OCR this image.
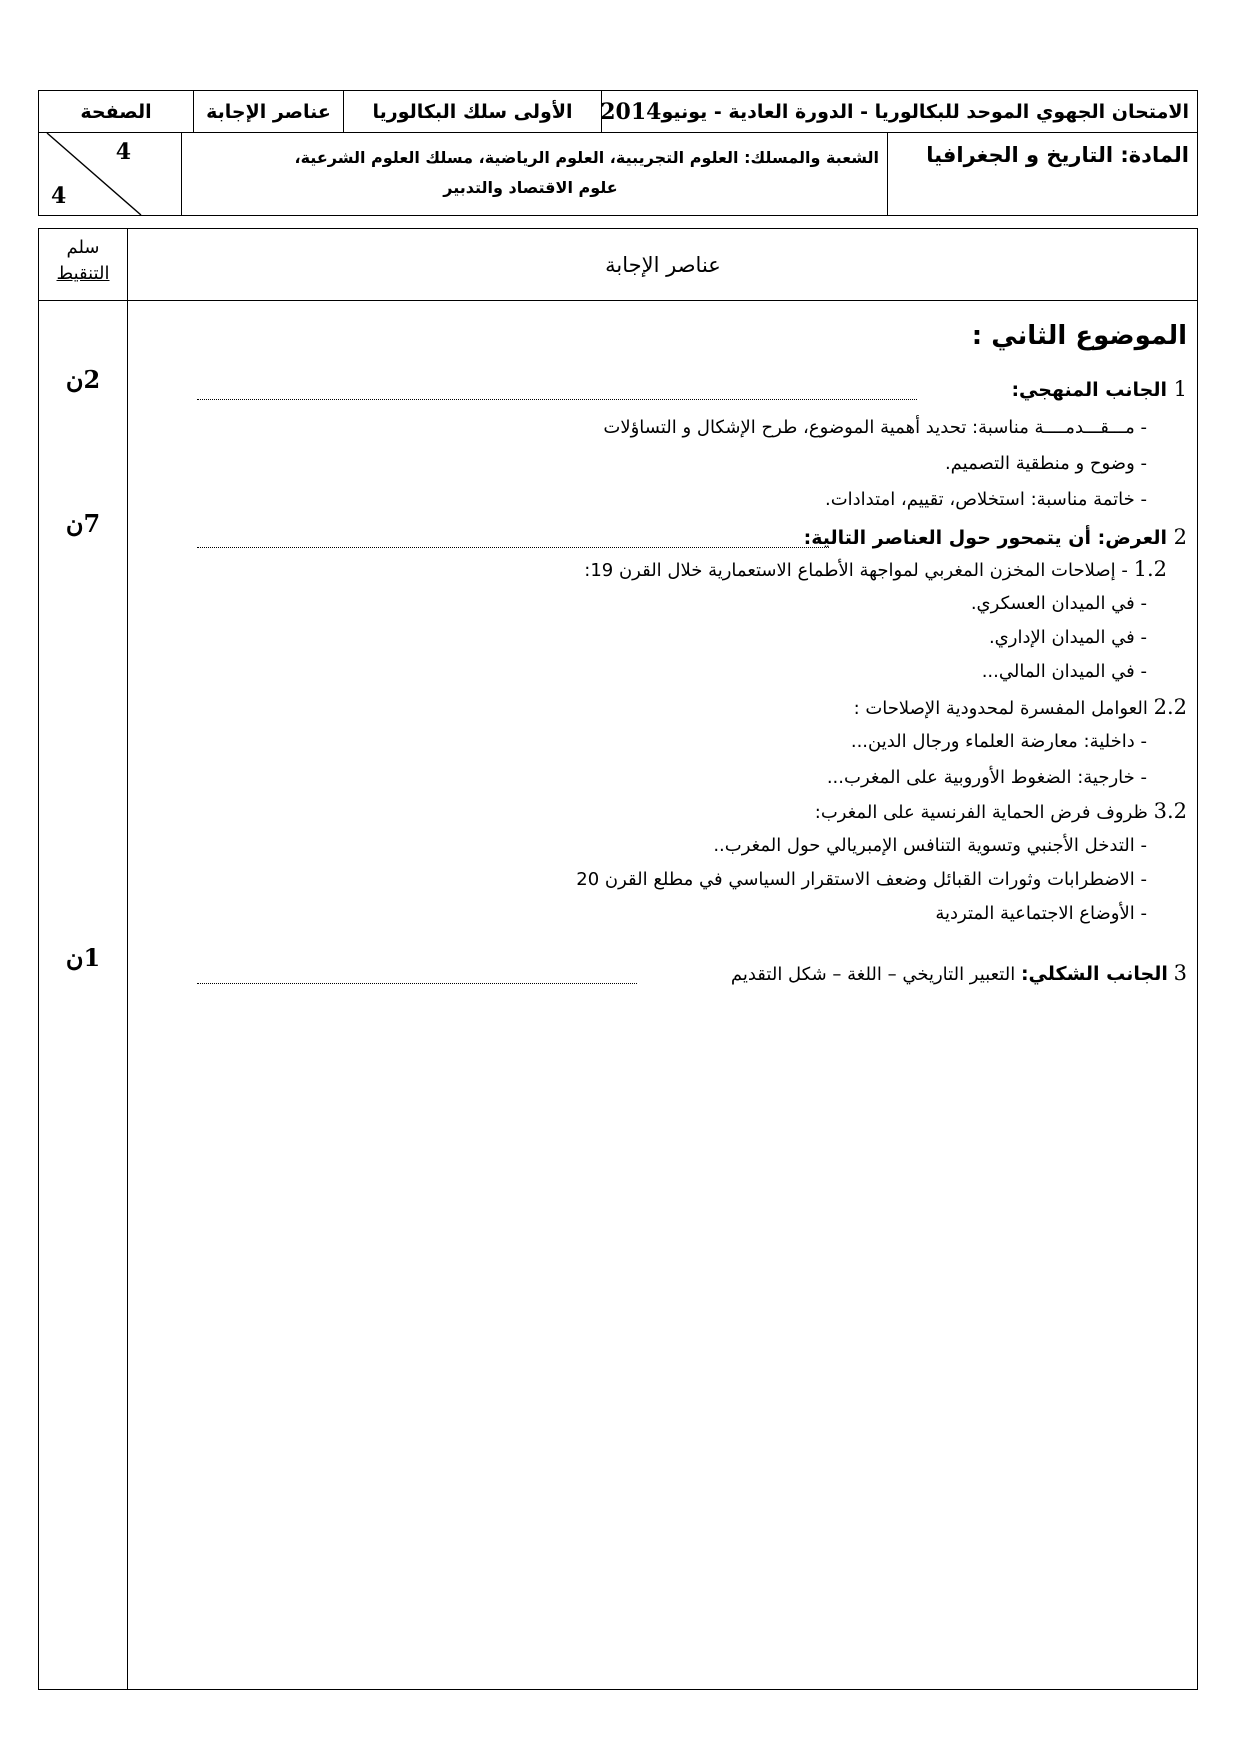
الامتحان الجهوي الموحد للبكالوريا - الدورة العادية - يونيو
2014
الأولى سلك البكالوريا
عناصر الإجابة
الصفحة
المادة: التاريخ و الجغرافيا
الشعبة والمسلك: العلوم التجريبية، العلوم الرياضية، مسلك العلوم الشرعية،
علوم الاقتصاد والتدبير
4
4
عناصر الإجابة
سلم
التنقيط
2ن
7ن
1ن
الموضوع الثاني :
1 الجانب المنهجي:
- مـــقـــدمــــة مناسبة: تحديد أهمية الموضوع، طرح الإشكال و التساؤلات
- وضوح و منطقية التصميم.
- خاتمة مناسبة: استخلاص، تقييم، امتدادات.
2 العرض: أن يتمحور حول العناصر التالية:
1.2 - إصلاحات المخزن المغربي لمواجهة الأطماع الاستعمارية خلال القرن 19:
- في الميدان العسكري.
- في الميدان الإداري.
- في الميدان المالي...
2.2 العوامل المفسرة لمحدودية الإصلاحات :
- داخلية: معارضة العلماء ورجال الدين...
- خارجية: الضغوط الأوروبية على المغرب...
3.2 ظروف فرض الحماية الفرنسية على المغرب:
- التدخل الأجنبي وتسوية التنافس الإمبريالي حول المغرب..
- الاضطرابات وثورات القبائل وضعف الاستقرار السياسي في مطلع القرن 20
- الأوضاع الاجتماعية المتردية
3 الجانب الشكلي: التعبير التاريخي – اللغة – شكل التقديم
